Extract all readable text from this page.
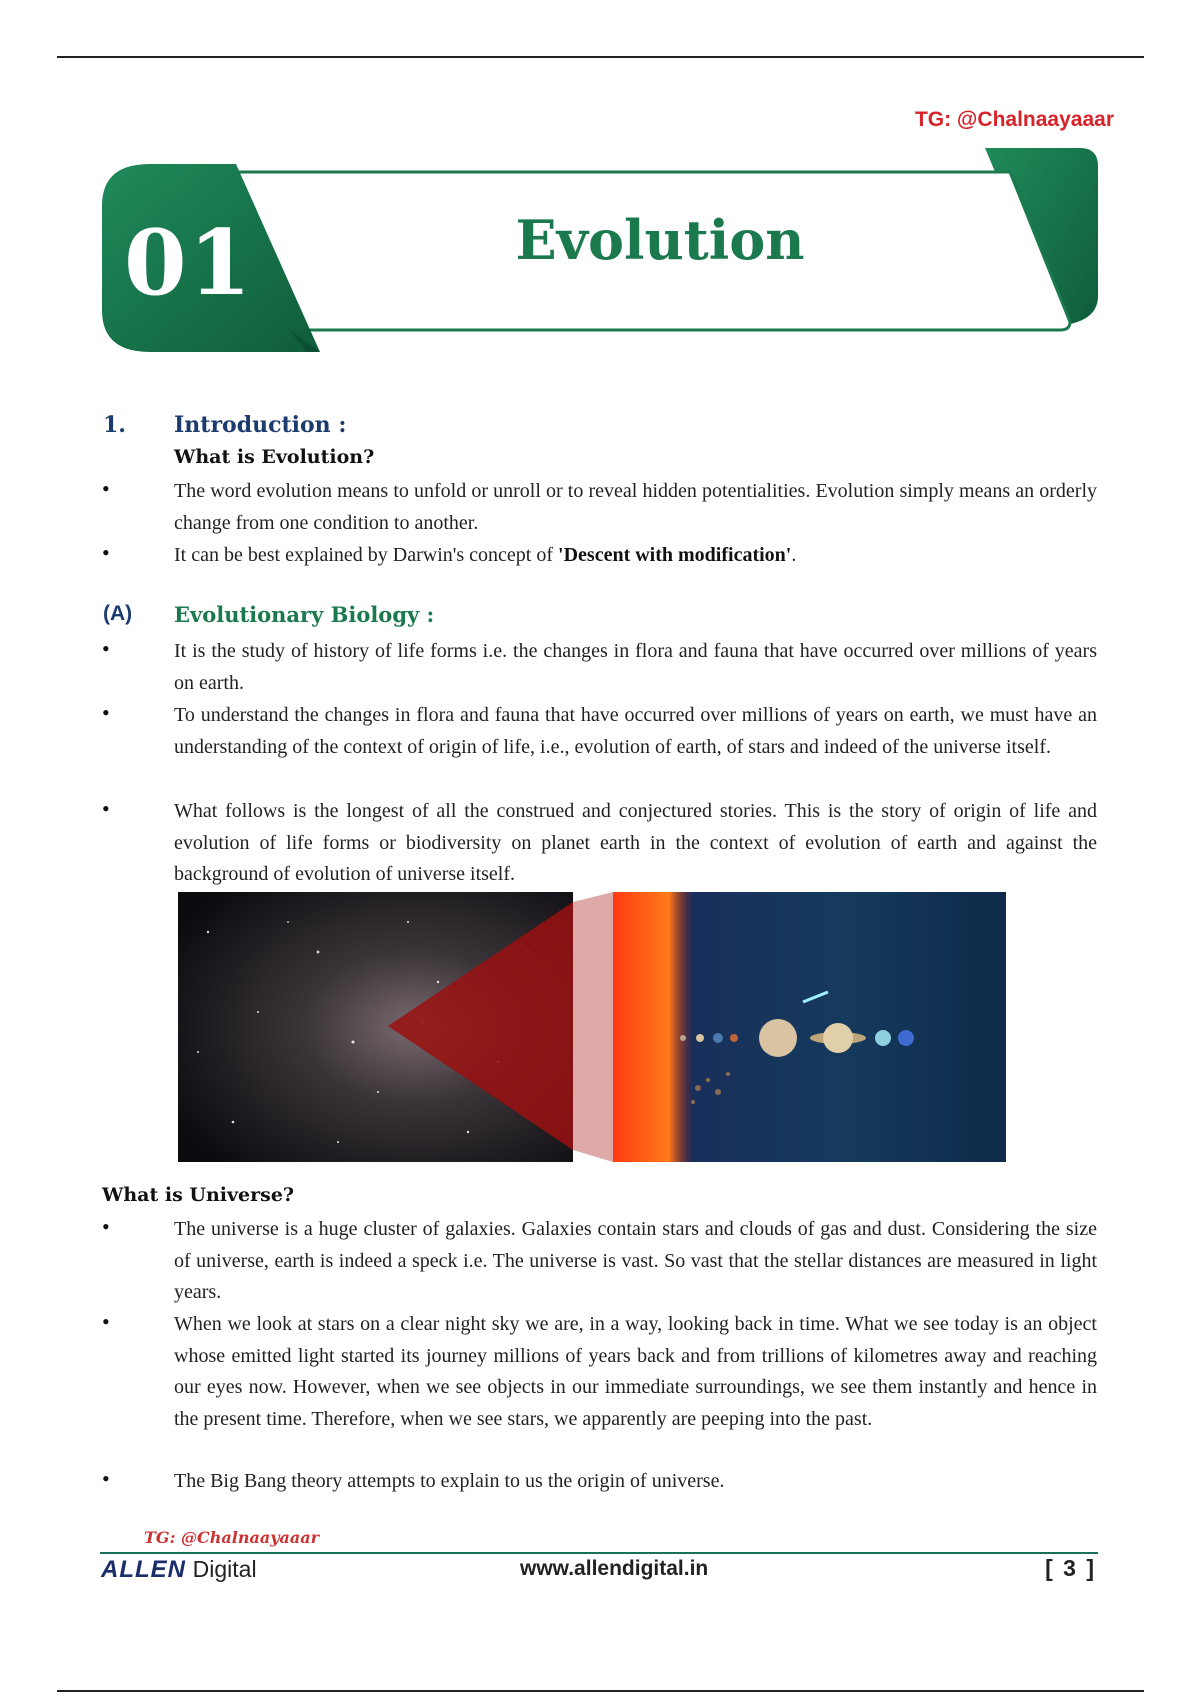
TG: @Chalnaayaaar
01	Evolution
1. Introduction :
What is Evolution?
•	The word evolution means to unfold or unroll or to reveal hidden potentialities. Evolution simply means an orderly change from one condition to another.
•	It can be best explained by Darwin's concept of 'Descent with modification'.
(A) Evolutionary Biology :
•	It is the study of history of life forms i.e. the changes in flora and fauna that have occurred over millions of years on earth.
•	To understand the changes in flora and fauna that have occurred over millions of years on earth, we must have an understanding of the context of origin of life, i.e., evolution of earth, of stars and indeed of the universe itself.
•	What follows is the longest of all the construed and conjectured stories. This is the story of origin of life and evolution of life forms or biodiversity on planet earth in the context of evolution of earth and against the background of evolution of universe itself.
What is Universe?
•	The universe is a huge cluster of galaxies. Galaxies contain stars and clouds of gas and dust. Considering the size of universe, earth is indeed a speck i.e. The universe is vast. So vast that the stellar distances are measured in light years.
•	When we look at stars on a clear night sky we are, in a way, looking back in time. What we see today is an object whose emitted light started its journey millions of years back and from trillions of kilometres away and reaching our eyes now. However, when we see objects in our immediate surroundings, we see them instantly and hence in the present time. Therefore, when we see stars, we apparently are peeping into the past.
•	The Big Bang theory attempts to explain to us the origin of universe.
TG: @Chalnaayaaar
ALLEN Digital	www.allendigital.in	[ 3 ]
